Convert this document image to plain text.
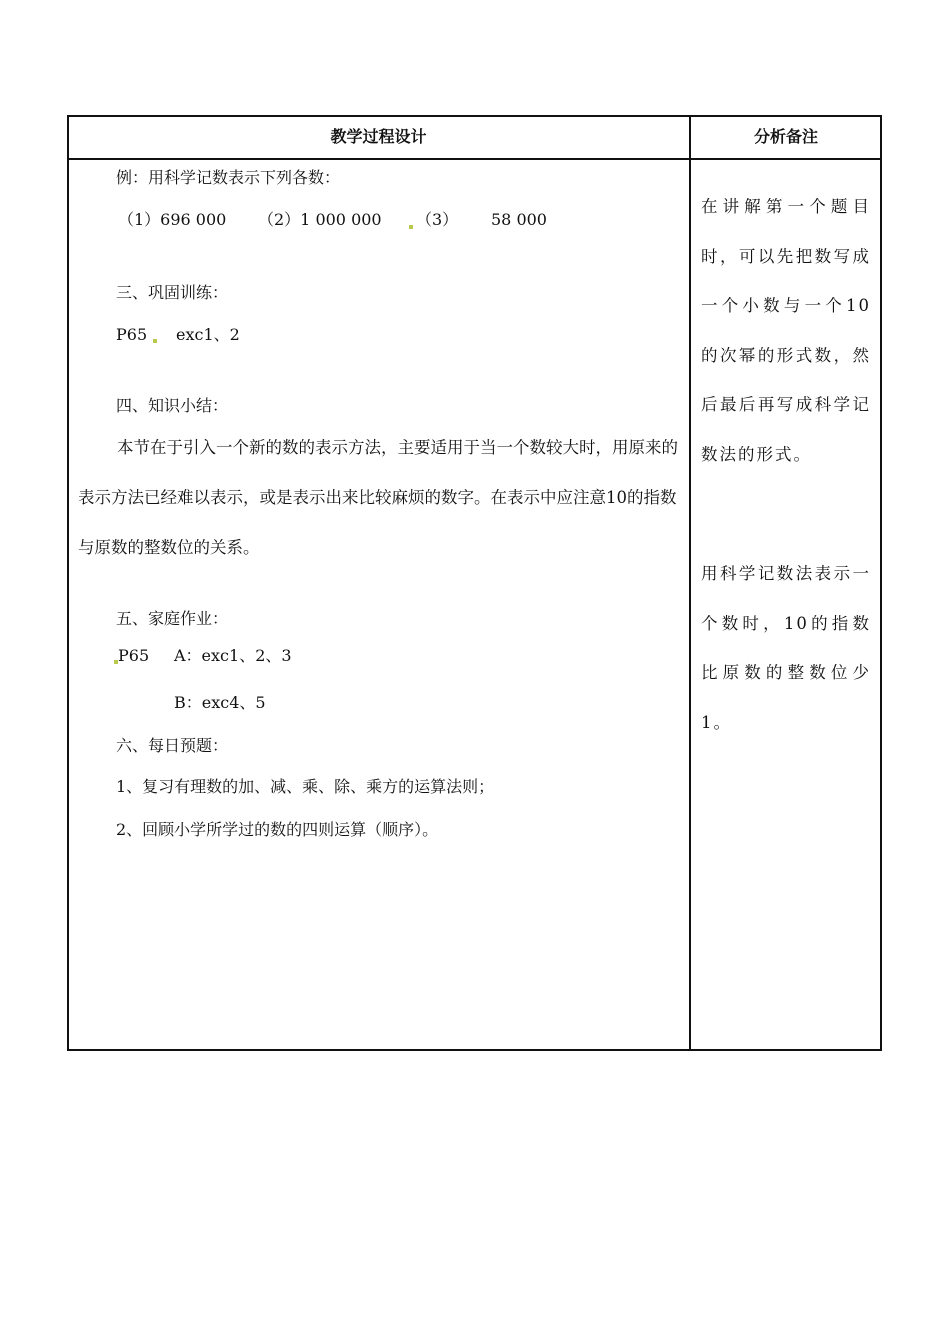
教学过程设计	分析备注
例：用科学记数表示下列各数：
（1）696 000 （2）1 000 000 （3） 58 000
三、巩固训练：
P65 exc1、2
四、知识小结：
本节在于引入一个新的数的表示方法，主要适用于当一个数较大时，用原来的表示方法已经难以表示，或是表示出来比较麻烦的数字。在表示中应注意10的指数与原数的整数位的关系。
五、家庭作业：
P65 A：exc1、2、3
B：exc4、5
六、每日预题：
1、复习有理数的加、减、乘、除、乘方的运算法则；
2、回顾小学所学过的数的四则运算（顺序）。
在讲解第一个题目时，可以先把数写成一个小数与一个10的次幂的形式数，然后最后再写成科学记数法的形式。
用科学记数法表示一个数时，10的指数比原数的整数位少1。
